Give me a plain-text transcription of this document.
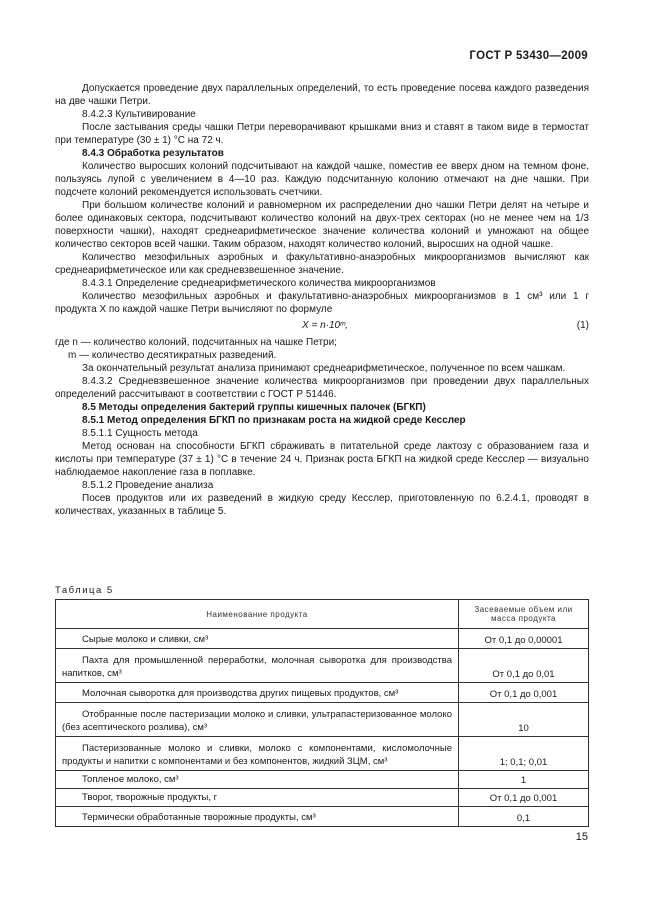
ГОСТ Р 53430—2009

Допускается проведение двух параллельных определений, то есть проведение посева каждого разведения на две чашки Петри.

8.4.2.3 Культивирование

После застывания среды чашки Петри переворачивают крышками вниз и ставят в таком виде в термостат при температуре (30 ± 1) °С на 72 ч.

8.4.3 Обработка результатов

Количество выросших колоний подсчитывают на каждой чашке, поместив ее вверх дном на темном фоне, пользуясь лупой с увеличением в 4—10 раз. Каждую подсчитанную колонию отмечают на дне чашки. При подсчете колоний рекомендуется использовать счетчики.

При большом количестве колоний и равномерном их распределении дно чашки Петри делят на четыре и более одинаковых сектора, подсчитывают количество колоний на двух-трех секторах (но не менее чем на 1/3 поверхности чашки), находят среднеарифметическое значение количества колоний и умножают на общее количество секторов всей чашки. Таким образом, находят количество колоний, выросших на одной чашке.

Количество мезофильных аэробных и факультативно-анаэробных микроорганизмов вычисляют как среднеарифметическое или как средневзвешенное значение.

8.4.3.1 Определение среднеарифметического количества микроорганизмов

Количество мезофильных аэробных и факультативно-анаэробных микроорганизмов в 1 см³ или 1 г продукта X по каждой чашке Петри вычисляют по формуле

X = n·10ᵐ,	(1)

где n — количество колоний, подсчитанных на чашке Петри;

m — количество десятикратных разведений.

За окончательный результат анализа принимают среднеарифметическое, полученное по всем чашкам.

8.4.3.2 Средневзвешенное значение количества микроорганизмов при проведении двух параллельных определений рассчитывают в соответствии с ГОСТ Р 51446.

8.5 Методы определения бактерий группы кишечных палочек (БГКП)

8.5.1 Метод определения БГКП по признакам роста на жидкой среде Кесслер

8.5.1.1 Сущность метода

Метод основан на способности БГКП сбраживать в питательной среде лактозу с образованием газа и кислоты при температуре (37 ± 1) °С в течение 24 ч. Признак роста БГКП на жидкой среде Кесслер — визуально наблюдаемое накопление газа в поплавке.

8.5.1.2 Проведение анализа

Посев продуктов или их разведений в жидкую среду Кесслер, приготовленную по 6.2.4.1, проводят в количествах, указанных в таблице 5.

Таблица 5
Наименование продукта	Засеваемые объем или масса продукта

Сырые молоко и сливки, см³	От 0,1 до 0,00001

Пахта для промышленной переработки, молочная сыворотка для производства напитков, см³	От 0,1 до 0,01

Молочная сыворотка для производства других пищевых продуктов, см³	От 0,1 до 0,001

Отобранные после пастеризации молоко и сливки, ультрапастеризованное молоко (без асептического розлива), см³	10

Пастеризованные молоко и сливки, молоко с компонентами, кисломолочные продукты и напитки с компонентами и без компонентов, жидкий ЗЦМ, см³	1; 0,1; 0,01

Топленое молоко, см³	1

Творог, творожные продукты, г	От 0,1 до 0,001

Термически обработанные творожные продукты, см³	0,1
15
